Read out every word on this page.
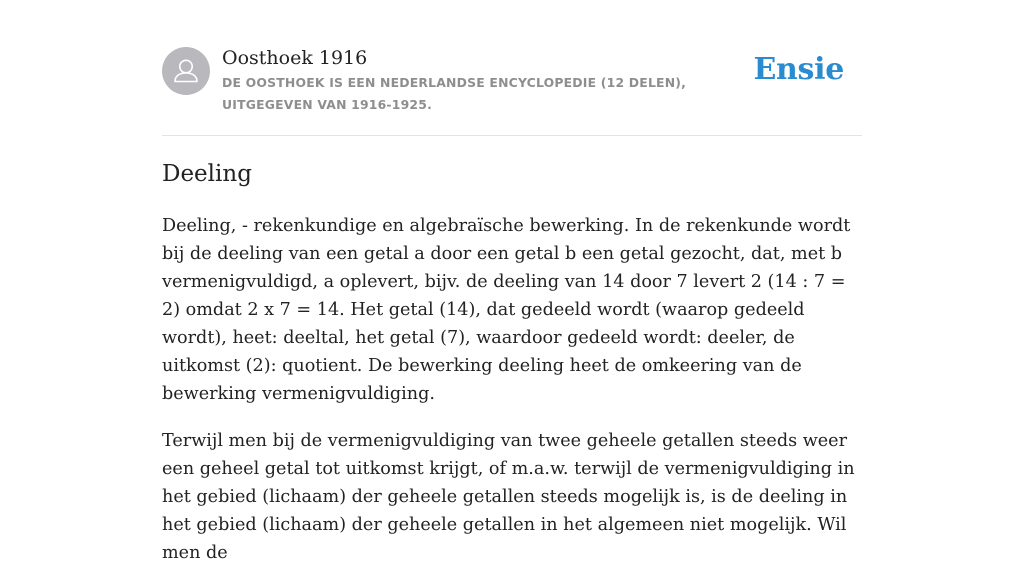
Oosthoek 1916
DE OOSTHOEK IS EEN NEDERLANDSE ENCYCLOPEDIE (12 DELEN), UITGEGEVEN VAN 1916-1925.
Ensie
Deeling

Deeling, - rekenkundige en algebraïsche bewerking. In de rekenkunde wordt bij de deeling van een getal a door een getal b een getal gezocht, dat, met b vermenigvuldigd, a oplevert, bijv. de deeling van 14 door 7 levert 2 (14 : 7 = 2) omdat 2 x 7 = 14. Het getal (14), dat gedeeld wordt (waarop gedeeld wordt), heet: deeltal, het getal (7), waardoor gedeeld wordt: deeler, de uitkomst (2): quotient. De bewerking deeling heet de omkeering van de bewerking vermenigvuldiging.

Terwijl men bij de vermenigvuldiging van twee geheele getallen steeds weer een geheel getal tot uitkomst krijgt, of m.a.w. terwijl de vermenigvuldiging in het gebied (lichaam) der geheele getallen steeds mogelijk is, is de deeling in het gebied (lichaam) der geheele getallen in het algemeen niet mogelijk. Wil men de
